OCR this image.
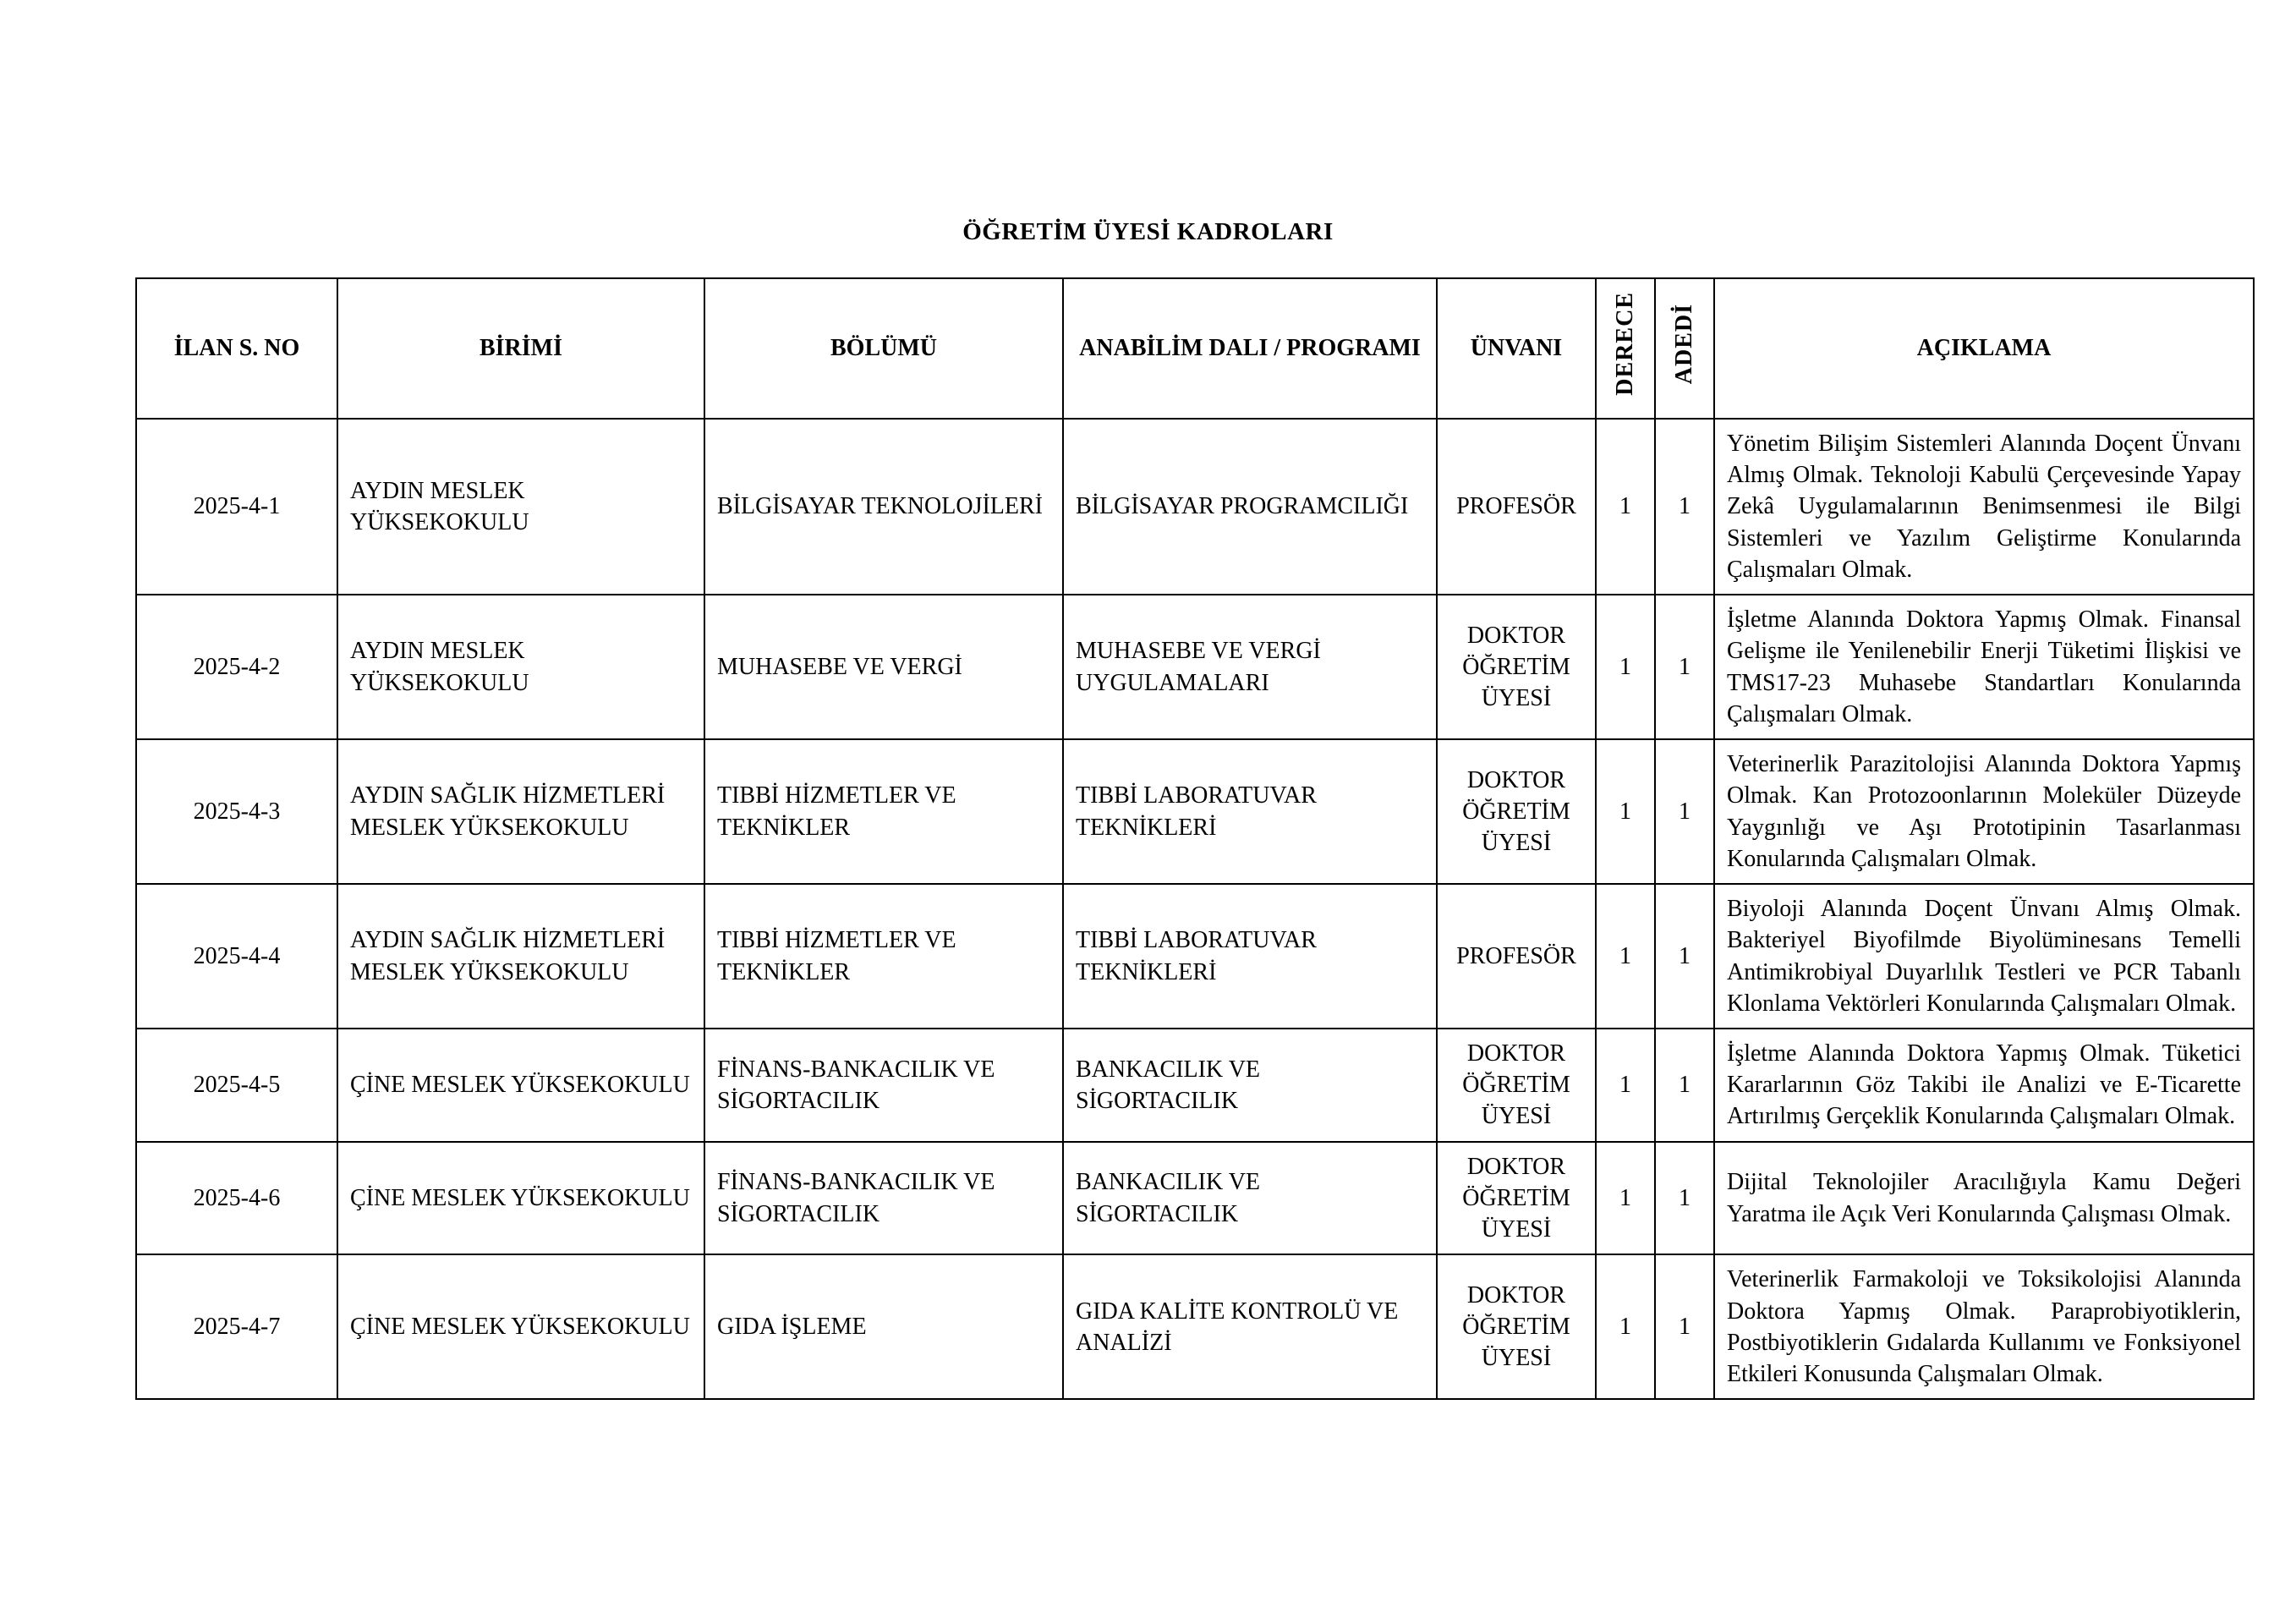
ÖĞRETİM ÜYESİ KADROLARI
İLAN S. NO	BİRİMİ	BÖLÜMÜ	ANABİLİM DALI / PROGRAMI	ÜNVANI	DERECE	ADEDİ	AÇIKLAMA
2025-4-1	AYDIN MESLEK YÜKSEKOKULU	BİLGİSAYAR TEKNOLOJİLERİ	BİLGİSAYAR PROGRAMCILIĞI	PROFESÖR	1	1	Yönetim Bilişim Sistemleri Alanında Doçent Ünvanı Almış Olmak. Teknoloji Kabulü Çerçevesinde Yapay Zekâ Uygulamalarının Benimsenmesi ile Bilgi Sistemleri ve Yazılım Geliştirme Konularında Çalışmaları Olmak.
2025-4-2	AYDIN MESLEK YÜKSEKOKULU	MUHASEBE VE VERGİ	MUHASEBE VE VERGİ UYGULAMALARI	DOKTOR ÖĞRETİM ÜYESİ	1	1	İşletme Alanında Doktora Yapmış Olmak. Finansal Gelişme ile Yenilenebilir Enerji Tüketimi İlişkisi ve TMS17-23 Muhasebe Standartları Konularında Çalışmaları Olmak.
2025-4-3	AYDIN SAĞLIK HİZMETLERİ MESLEK YÜKSEKOKULU	TIBBİ HİZMETLER VE TEKNİKLER	TIBBİ LABORATUVAR TEKNİKLERİ	DOKTOR ÖĞRETİM ÜYESİ	1	1	Veterinerlik Parazitolojisi Alanında Doktora Yapmış Olmak. Kan Protozoonlarının Moleküler Düzeyde Yaygınlığı ve Aşı Prototipinin Tasarlanması Konularında Çalışmaları Olmak.
2025-4-4	AYDIN SAĞLIK HİZMETLERİ MESLEK YÜKSEKOKULU	TIBBİ HİZMETLER VE TEKNİKLER	TIBBİ LABORATUVAR TEKNİKLERİ	PROFESÖR	1	1	Biyoloji Alanında Doçent Ünvanı Almış Olmak. Bakteriyel Biyofilmde Biyolüminesans Temelli Antimikrobiyal Duyarlılık Testleri ve PCR Tabanlı Klonlama Vektörleri Konularında Çalışmaları Olmak.
2025-4-5	ÇİNE MESLEK YÜKSEKOKULU	FİNANS-BANKACILIK VE SİGORTACILIK	BANKACILIK VE SİGORTACILIK	DOKTOR ÖĞRETİM ÜYESİ	1	1	İşletme Alanında Doktora Yapmış Olmak. Tüketici Kararlarının Göz Takibi ile Analizi ve E-Ticarette Artırılmış Gerçeklik Konularında Çalışmaları Olmak.
2025-4-6	ÇİNE MESLEK YÜKSEKOKULU	FİNANS-BANKACILIK VE SİGORTACILIK	BANKACILIK VE SİGORTACILIK	DOKTOR ÖĞRETİM ÜYESİ	1	1	Dijital Teknolojiler Aracılığıyla Kamu Değeri Yaratma ile Açık Veri Konularında Çalışması Olmak.
2025-4-7	ÇİNE MESLEK YÜKSEKOKULU	GIDA İŞLEME	GIDA KALİTE KONTROLÜ VE ANALİZİ	DOKTOR ÖĞRETİM ÜYESİ	1	1	Veterinerlik Farmakoloji ve Toksikolojisi Alanında Doktora Yapmış Olmak. Paraprobiyotiklerin, Postbiyotiklerin Gıdalarda Kullanımı ve Fonksiyonel Etkileri Konusunda Çalışmaları Olmak.
